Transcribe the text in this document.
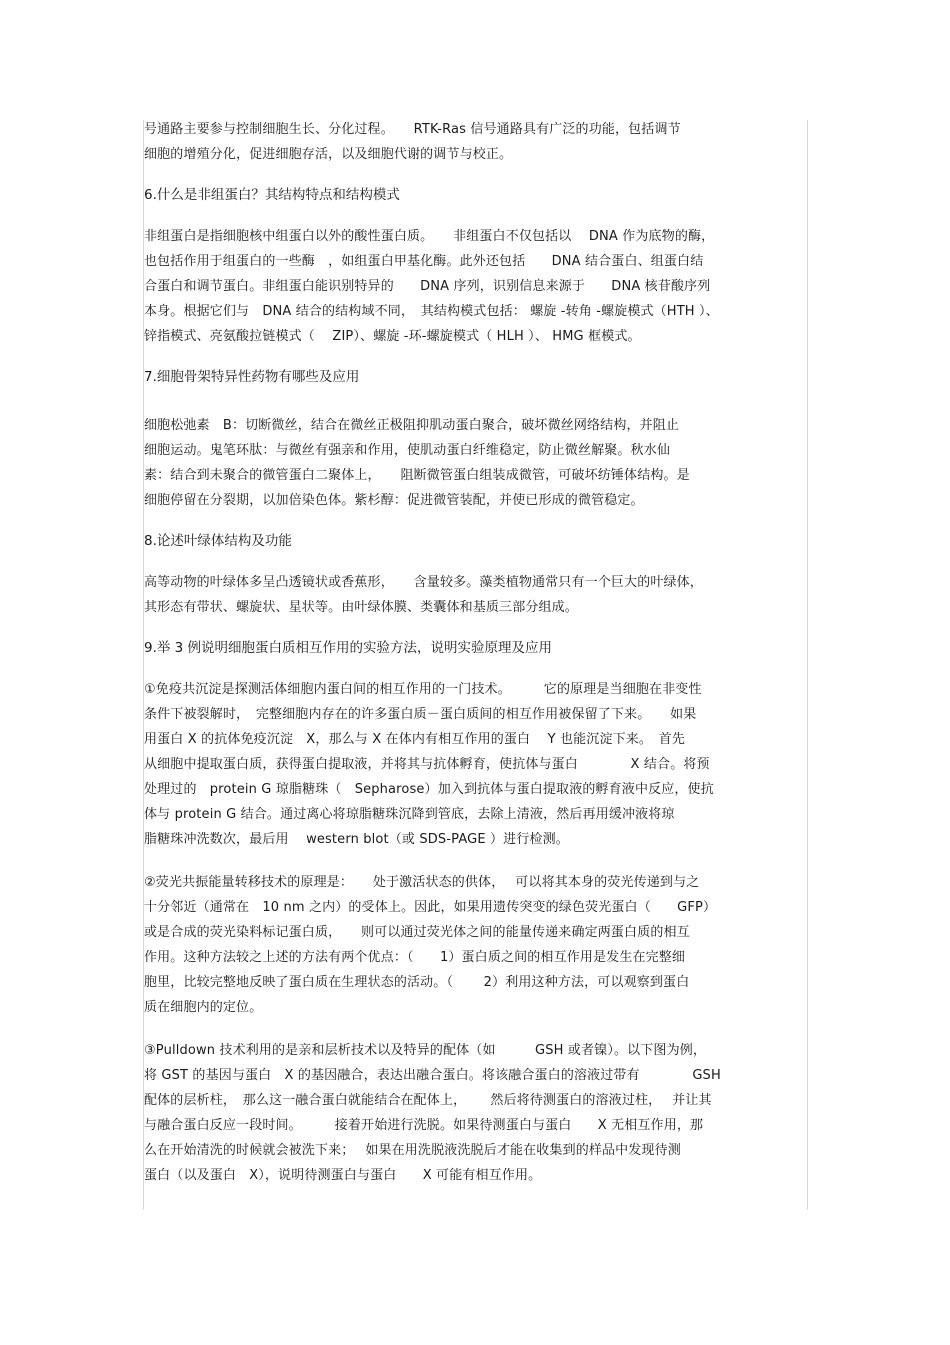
号通路主要参与控制细胞生长、分化过程。　　RTK-Ras 信号通路具有广泛的功能，包括调节
细胞的增殖分化，促进细胞存活，以及细胞代谢的调节与校正。
6.什么是非组蛋白？其结构特点和结构模式
非组蛋白是指细胞核中组蛋白以外的酸性蛋白质。　　非组蛋白不仅包括以　 DNA 作为底物的酶，
也包括作用于组蛋白的一些酶　，如组蛋白甲基化酶。此外还包括　　DNA 结合蛋白、组蛋白结
合蛋白和调节蛋白。非组蛋白能识别特异的　　DNA 序列，识别信息来源于　　DNA 核苷酸序列
本身。根据它们与　DNA 结合的结构域不同，　其结构模式包括： 螺旋 -转角 -螺旋模式（HTH ）、
锌指模式、亮氨酸拉链模式（　 ZIP）、螺旋 -环-螺旋模式（ HLH ）、 HMG 框模式。
7.细胞骨架特异性药物有哪些及应用
细胞松弛素　B：切断微丝，结合在微丝正极阻抑肌动蛋白聚合，破坏微丝网络结构，并阻止
细胞运动。鬼笔环肽：与微丝有强亲和作用，使肌动蛋白纤维稳定，防止微丝解聚。秋水仙
素：结合到未聚合的微管蛋白二聚体上，　　阻断微管蛋白组装成微管，可破坏纺锤体结构。是
细胞停留在分裂期，以加倍染色体。紫杉醇：促进微管装配，并使已形成的微管稳定。
8.论述叶绿体结构及功能
高等动物的叶绿体多呈凸透镜状或香蕉形，　　含量较多。藻类植物通常只有一个巨大的叶绿体，
其形态有带状、螺旋状、星状等。由叶绿体膜、类囊体和基质三部分组成。
9.举 3 例说明细胞蛋白质相互作用的实验方法，说明实验原理及应用
①免疫共沉淀是探测活体细胞内蛋白间的相互作用的一门技术。　　　它的原理是当细胞在非变性
条件下被裂解时，　完整细胞内存在的许多蛋白质－蛋白质间的相互作用被保留了下来。　　如果
用蛋白 X 的抗体免疫沉淀　X，那么与 X 在体内有相互作用的蛋白　 Y 也能沉淀下来。　首先
从细胞中提取蛋白质，获得蛋白提取液，并将其与抗体孵育，使抗体与蛋白　　　　X 结合。将预
处理过的　protein G 琼脂糖珠（　Sepharose）加入到抗体与蛋白提取液的孵育液中反应，使抗
体与 protein G 结合。通过离心将琼脂糖珠沉降到管底，去除上清液，然后再用缓冲液将琼
脂糖珠冲洗数次，最后用　 western blot（或 SDS-PAGE ）进行检测。
②荧光共振能量转移技术的原理是：　　处于激活状态的供体，　 可以将其本身的荧光传递到与之
十分邻近（通常在　10 nm 之内）的受体上。因此，如果用遗传突变的绿色荧光蛋白（　　GFP）
或是合成的荧光染料标记蛋白质，　　则可以通过荧光体之间的能量传递来确定两蛋白质的相互
作用。这种方法较之上述的方法有两个优点：（　　1）蛋白质之间的相互作用是发生在完整细
胞里，比较完整地反映了蛋白质在生理状态的活动。（　　 2）利用这种方法，可以观察到蛋白
质在细胞内的定位。
③Pulldown 技术利用的是亲和层析技术以及特异的配体（如　　　GSH 或者镍）。以下图为例，
将 GST 的基因与蛋白　X 的基因融合，表达出融合蛋白。将该融合蛋白的溶液过带有　　　　GSH
配体的层析柱，　那么这一融合蛋白就能结合在配体上，　　 然后将待测蛋白的溶液过柱，　 并让其
与融合蛋白反应一段时间。　　　接着开始进行洗脱。如果待测蛋白与蛋白　　X 无相互作用，那
么在开始清洗的时候就会被洗下来；　 如果在用洗脱液洗脱后才能在收集到的样品中发现待测
蛋白（以及蛋白　X），说明待测蛋白与蛋白　　X 可能有相互作用。
